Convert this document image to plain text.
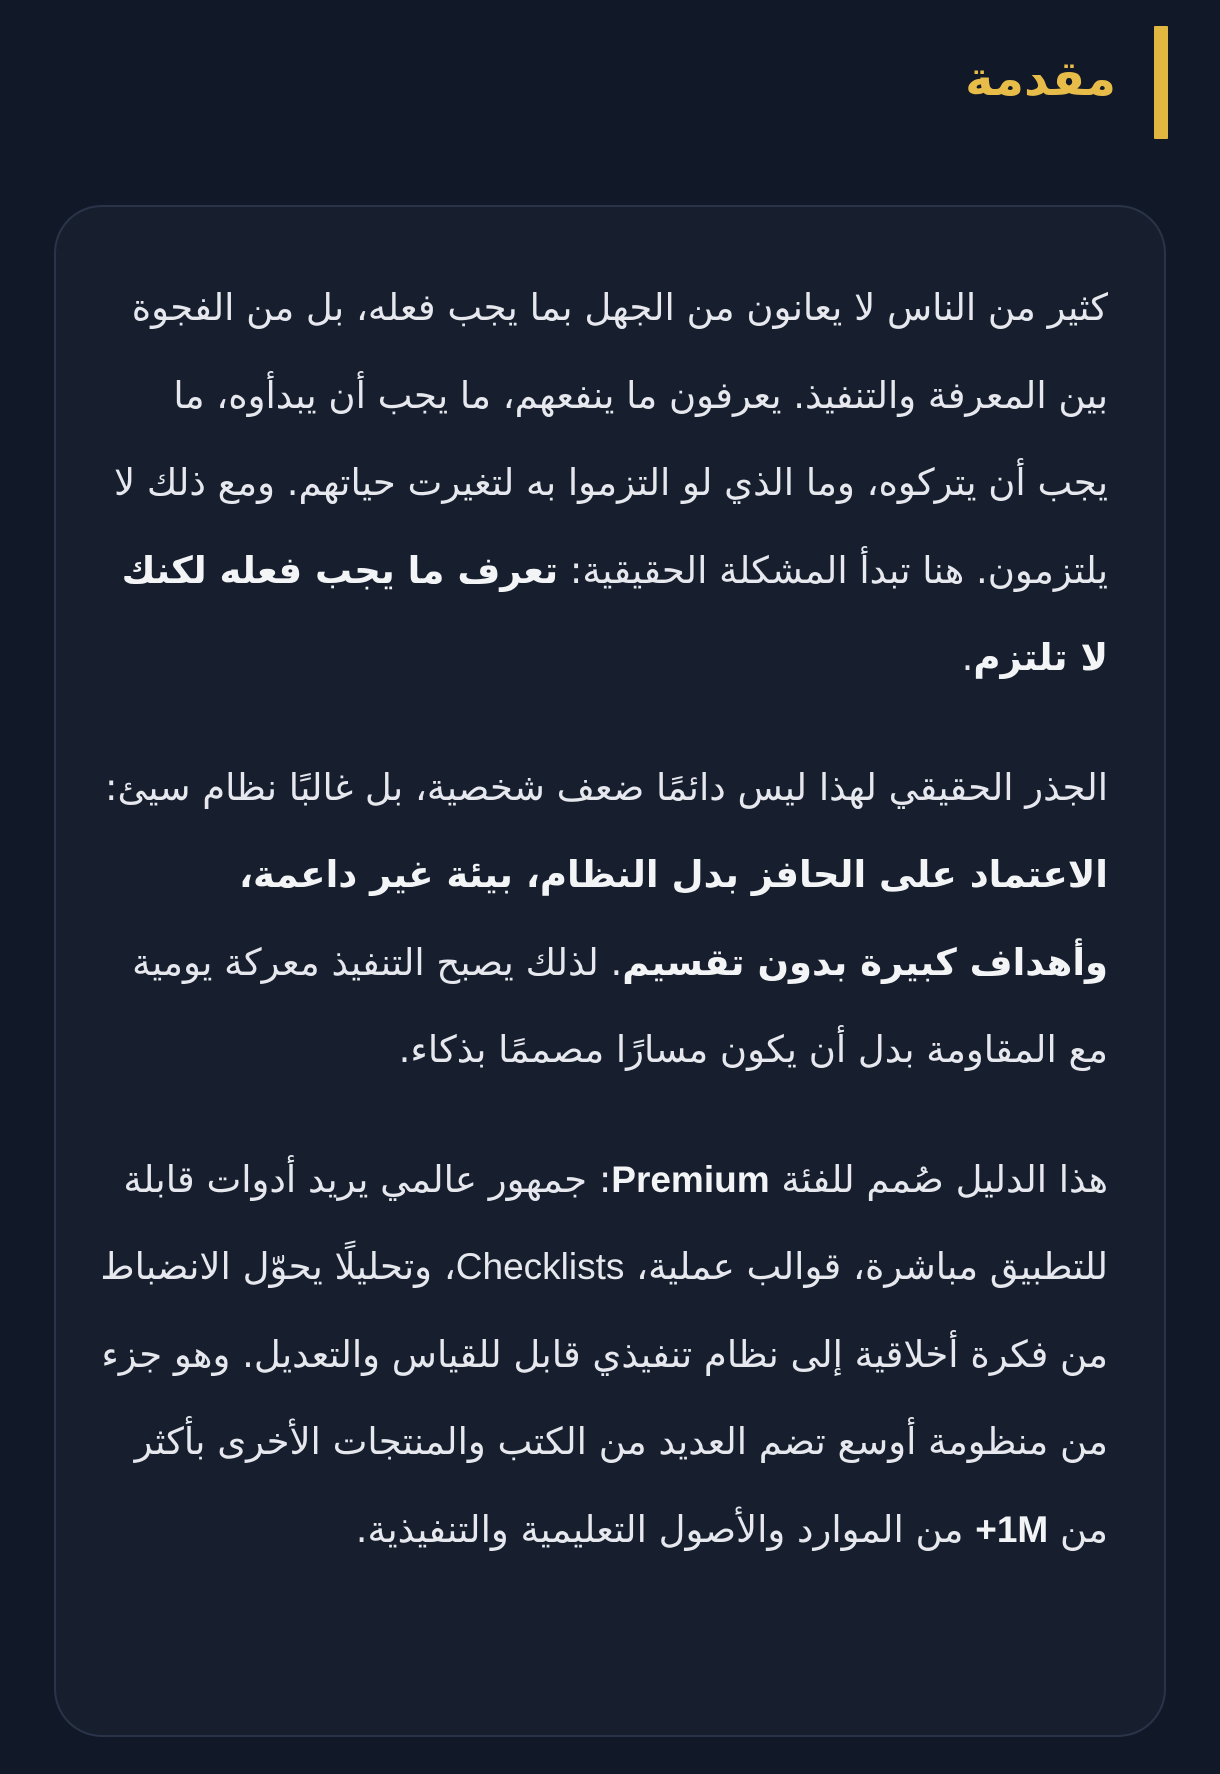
مقدمة

كثير من الناس لا يعانون من الجهل بما يجب فعله، بل من الفجوة بين المعرفة والتنفيذ. يعرفون ما ينفعهم، ما يجب أن يبدأوه، ما يجب أن يتركوه، وما الذي لو التزموا به لتغيرت حياتهم. ومع ذلك لا يلتزمون. هنا تبدأ المشكلة الحقيقية: تعرف ما يجب فعله لكنك لا تلتزم.

الجذر الحقيقي لهذا ليس دائمًا ضعف شخصية، بل غالبًا نظام سيئ: الاعتماد على الحافز بدل النظام، بيئة غير داعمة، وأهداف كبيرة بدون تقسيم. لذلك يصبح التنفيذ معركة يومية مع المقاومة بدل أن يكون مسارًا مصممًا بذكاء.

هذا الدليل صُمم للفئة Premium: جمهور عالمي يريد أدوات قابلة للتطبيق مباشرة، قوالب عملية، Checklists، وتحليلًا يحوّل الانضباط من فكرة أخلاقية إلى نظام تنفيذي قابل للقياس والتعديل. وهو جزء من منظومة أوسع تضم العديد من الكتب والمنتجات الأخرى بأكثر من 1M+ من الموارد والأصول التعليمية والتنفيذية.
